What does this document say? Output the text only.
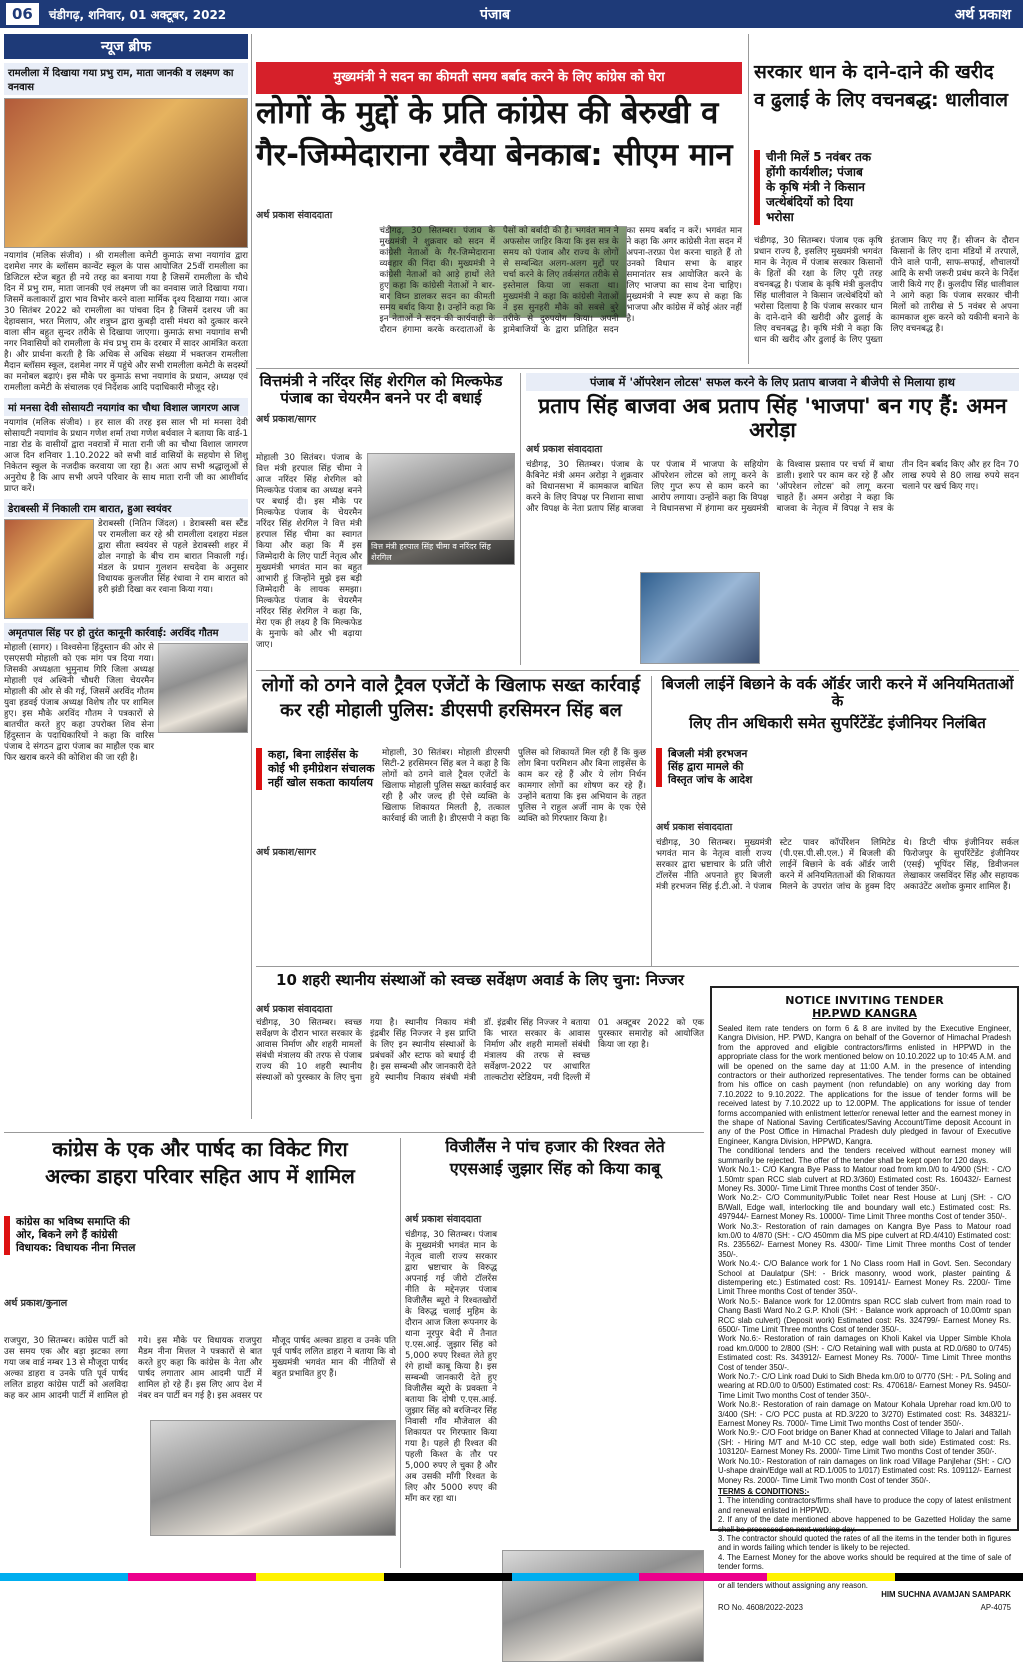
06	चंडीगढ़, शनिवार, 01 अक्टूबर, 2022	पंजाब	अर्थ प्रकाश
न्यूज ब्रीफ
रामलीला में दिखाया गया प्रभु राम, माता जानकी व लक्ष्मण का वनवास
नयागांव (मलिक संजीव) । श्री रामलीला कमेटी कुमाऊं सभा नयागांव द्वारा दशमेश नगर के ब्लॉसम कान्वेंट स्कूल के पास आयोजित 25वीं रामलीला का डिजिटल स्टेज बहुत ही नये तरह का बनाया गया है जिसमें रामलीला के चौथे दिन में प्रभु राम, माता जानकी एवं लक्ष्मण जी का वनवास जाते दिखाया गया। जिसमें कलाकारों द्वारा भाव विभोर करने वाला मार्मिक दृश्य दिखाया गया। आज 30 सितंबर 2022 को रामलीला का पांचवा दिन है जिसमें दशरथ जी का देहावसान, भरत मिलाप, और शत्रुघ्न द्वारा कुबड़ी दासी मंथरा को दुत्कार करने वाला सीन बहुत सुन्दर तरीके से दिखाया जाएगा। कुमाऊं सभा नयागांव सभी नगर निवासियों को रामलीला के मंच प्रभु राम के दरबार में सादर आमंत्रित करता है। और प्रार्थना करती है कि अधिक से अधिक संख्या में भक्तजन रामलीला मैदान ब्लॉसम स्कूल, दशमेश नगर में पहुंचे और सभी रामलीला कमेटी के सदस्यों का मनोबल बढ़ाएं। इस मौके पर कुमाऊं सभा नयागांव के प्रधान, अध्यक्ष एवं रामलीला कमेटी के संचालक एवं निर्देशक आदि पदाधिकारी मौजूद रहे।
मां मनसा देवी सोसायटी नयागांव का चौथा विशाल जागरण आज
नयागांव (मलिक संजीव) । हर साल की तरह इस साल भी मां मनसा देवी सोसायटी नयागांव के प्रधान गणेश शर्मा तथा गणेश बर्थवाल ने बताया कि वार्ड-1 नाडा रोड के वासीयों द्वारा नवरात्रों में माता रानी जी का चौथा विशाल जागरण आज दिन शनिवार 1.10.2022 को सभी वार्ड वासियों के सहयोग से शिशु निकेतन स्कूल के नजदीक करवाया जा रहा है। अतः आप सभी श्रद्धालुओं से अनुरोध है कि आप सभी अपने परिवार के साथ माता रानी जी का आशीर्वाद प्राप्त करें।
डेराबस्सी में निकाली राम बारात, हुआ स्वयंवर
डेराबस्सी (नितिन जिंदल) । डेराबस्सी बस स्टैंड पर रामलीला कर रहे श्री रामलीला दशहरा मंडल द्वारा सीता स्वयंवर से पहले डेराबस्सी शहर में ढोल नगाड़ो के बीच राम बारात निकाली गई। मंडल के प्रधान गुलशन सचदेवा के अनुसार विधायक कुलजीत सिंह रंधावा ने राम बारात को हरी झंडी दिखा कर रवाना किया गया।
अमृतपाल सिंह पर हो तुरंत कानूनी कार्रवाई: अरविंद गौतम
मोहाली (सागर) । विश्वसेना हिंदुस्तान की ओर से एसएसपी मोहाली को एक मांग पत्र दिया गया। जिसकी अध्यक्षता भुमुनाथ गिरि जिला अध्यक्ष मोहाली एवं अश्विनी चौधरी जिला चेयरमैन मोहाली की ओर से की गई, जिसमें अरविंद गौतम युवा हडवई पंजाब अध्यक्ष विशेष तौर पर शामिल हुए। इस मौके अरविंद गौतम ने पत्रकारों से बातचीत करते हुए कहा उपरोक्त शिव सेना हिंदुस्तान के पदाधिकारियों ने कहा कि वारिस पंजाब दे संगठन द्वारा पंजाब का माहौल एक बार फिर खराब करने की कोशिश की जा रही है।
मुख्यमंत्री ने सदन का कीमती समय बर्बाद करने के लिए कांग्रेस को घेरा
लोगों के मुद्दों के प्रति कांग्रेस की बेरुखी व
गैर-जिम्मेदाराना रवैया बेनकाब: सीएम मान
अर्थ प्रकाश संवाददाता
चंडीगढ़, 30 सितम्बर। पंजाब के मुख्यमंत्री ने शुक्रवार को सदन में कांग्रेसी नेताओं के गैर-जिम्मेदाराना व्यवहार की निंदा की। मुख्यमंत्री ने कांग्रेसी नेताओं को आड़े हाथों लेते हुए कहा कि कांग्रेसी नेताओं ने बार-बार विघ्न डालकर सदन का कीमती समय बर्बाद किया है। उन्होंने कहा कि इन नेताओं ने सदन की कार्यवाही के दौरान हंगामा करके करदाताओं के पैसों को बर्बादी की है। भगवंत मान ने अफसोस जाहिर किया कि इस सत्र के समय को पंजाब और राज्य के लोगों से सम्बन्धित अलग-अलग मुद्दों पर चर्चा करने के लिए तर्कसंगत तरीके से इस्तेमाल किया जा सकता था। मुख्यमंत्री ने कहा कि कांग्रेसी नेताओं ने इस सुनहरी मौके को सबसे बुरे तरीके से दुरुपयोग किया। अपनी ड्रामेबाजियों के द्वारा प्रतिहित सदन का समय बर्बाद न करें। भगवंत मान ने कहा कि अगर कांग्रेसी नेता सदन में अपना-तरफ़ा पेश करना चाहते हैं तो उनको विधान सभा के बाहर समानांतर सत्र आयोजित करने के लिए भाजपा का साथ देना चाहिए। मुख्यमंत्री ने स्पष्ट रूप से कहा कि भाजपा और कांग्रेस में कोई अंतर नहीं है।
सरकार धान के दाने-दाने की खरीद
व ढुलाई के लिए वचनबद्ध: धालीवाल
चीनी मिलें 5 नवंबर तक होंगी कार्यशील; पंजाब के कृषि मंत्री ने किसान जत्थेबंदियों को दिया भरोसा
चंडीगढ़, 30 सितम्बर। पंजाब एक कृषि प्रधान राज्य है, इसलिए मुख्यमंत्री भगवंत मान के नेतृत्व में पंजाब सरकार किसानों के हितों की रक्षा के लिए पूरी तरह वचनबद्ध है। पंजाब के कृषि मंत्री कुलदीप सिंह धालीवाल ने किसान जत्थेबंदियों को भरोसा दिलाया है कि पंजाब सरकार धान के दाने-दाने की खरीदी और ढुलाई के लिए वचनबद्ध है। कृषि मंत्री ने कहा कि धान की खरीद और ढुलाई के लिए पुख्ता इंतजाम किए गए हैं। सीजन के दौरान किसानों के लिए दाना मंडियों में तरपालें, पीने वाले पानी, साफ-सफाई, शौचालयों आदि के सभी जरूरी प्रबंध करने के निर्देश जारी किये गए हैं। कुलदीप सिंह धालीवाल ने आगे कहा कि पंजाब सरकार चीनी मिलों को तारीख से 5 नवंबर से अपना कामकाज शुरू करने को यकीनी बनाने के लिए वचनबद्ध है।
वित्तमंत्री ने नरिंदर सिंह शेरगिल को मिल्कफेड पंजाब का चेयरमैन बनने पर दी बधाई
अर्थ प्रकाश/सागर
वित्त मंत्री हरपाल सिंह चीमा व नरिंदर सिंह शेरगिल
मोहाली 30 सितंबर। पंजाब के वित्त मंत्री हरपाल सिंह चीमा ने आज नरिंदर सिंह शेरगिल को मिल्कफेड पंजाब का अध्यक्ष बनने पर बधाई दी। इस मौके पर मिल्कफेड पंजाब के चेयरमैन नरिंदर सिंह शेरगिल ने वित्त मंत्री हरपाल सिंह चीमा का स्वागत किया और कहा कि मैं इस जिम्मेदारी के लिए पार्टी नेतृत्व और मुख्यमंत्री भगवंत मान का बहुत आभारी हूं जिन्होंने मुझे इस बड़ी जिम्मेदारी के लायक समझा। मिल्कफेड पंजाब के चेयरमैन नरिंदर सिंह शेरगिल ने कहा कि, मेरा एक ही लक्ष्य है कि मिल्कफेड के मुनाफे को और भी बढ़ाया जाए।
पंजाब में 'ऑपरेशन लोटस' सफल करने के लिए प्रताप बाजवा ने बीजेपी से मिलाया हाथ
प्रताप सिंह बाजवा अब प्रताप सिंह 'भाजपा' बन गए हैं: अमन अरोड़ा
अर्थ प्रकाश संवाददाता
चंडीगढ़, 30 सितम्बर। पंजाब के कैबिनेट मंत्री अमन अरोड़ा ने शुक्रवार को विधानसभा में कामकाज बाधित करने के लिए विपक्ष पर निशाना साधा और विपक्ष के नेता प्रताप सिंह बाजवा पर पंजाब में भाजपा के सहियोग ऑपरेशन लोटस को लागू करने के लिए गुप्त रूप से काम करने का आरोप लगाया। उन्होंने कहा कि विपक्ष ने विधानसभा में हंगामा कर मुख्यमंत्री के विश्वास प्रस्ताव पर चर्चा में बाधा डाली। इशारे पर काम कर रहे हैं और 'ऑपरेशन लोटस' को लागू करना चाहते हैं। अमन अरोड़ा ने कहा कि बाजवा के नेतृत्व में विपक्ष ने सत्र के तीन दिन बर्बाद किए और हर दिन 70 लाख रुपये से 80 लाख रुपये सदन चलाने पर खर्च किए गए।
लोगों को ठगने वाले ट्रैवल एजेंटों के खिलाफ सख्त कार्रवाई
कर रही मोहाली पुलिस: डीएसपी हरसिमरन सिंह बल
कहा, बिना लाईसेंस के कोई भी इमीग्रेशन संचालक नहीं खोल सकता कार्यालय
अर्थ प्रकाश/सागर
मोहाली, 30 सितंबर। मोहाली डीएसपी सिटी-2 हरसिमरन सिंह बल ने कहा है कि लोगों को ठगने वाले ट्रैवल एजेंटों के खिलाफ मोहाली पुलिस सख्त कार्रवाई कर रही है और जल्द ही ऐसे व्यक्ति के खिलाफ शिकायत मिलती है, तत्काल कार्रवाई की जाती है। डीएसपी ने कहा कि पुलिस को शिकायतें मिल रही हैं कि कुछ लोग बिना परमिशन और बिना लाइसेंस के काम कर रहे हैं और ये लोग निर्धन कामगार लोगों का शोषण कर रहे हैं। उन्होंने बताया कि इस अभियान के तहत पुलिस ने राहुल अर्जी नाम के एक ऐसे व्यक्ति को गिरफ्तार किया है।
बिजली लाईनें बिछाने के वर्क ऑर्डर जारी करने में अनियमितताओं के
लिए तीन अधिकारी समेत सुपरिंटेंडेंट इंजीनियर निलंबित
बिजली मंत्री हरभजन सिंह द्वारा मामले की विस्तृत जांच के आदेश
अर्थ प्रकाश संवाददाता
चंडीगढ़, 30 सितम्बर। मुख्यमंत्री भगवंत मान के नेतृत्व वाली राज्य सरकार द्वारा भ्रष्टाचार के प्रति जीरो टॉलरेंस नीति अपनाते हुए बिजली मंत्री हरभजन सिंह ई.टी.ओ. ने पंजाब स्टेट पावर कॉर्पोरेशन लिमिटेड (पी.एस.पी.सी.एल.) में बिजली की लाईनें बिछाने के वर्क ऑर्डर जारी करने में अनियमितताओं की शिकायत मिलने के उपरांत जांच के हुक्म दिए थे। डिप्टी चीफ इंजीनियर सर्कल फिरोजपुर के सुपरिंटेंडेंट इंजीनियर (एसई) भूपिंदर सिंह, डिवीजनल लेखाकार जसविंदर सिंह और सहायक अकाउंटेंट अशोक कुमार शामिल हैं।
10 शहरी स्थानीय संस्थाओं को स्वच्छ सर्वेक्षण अवार्ड के लिए चुना: निज्जर
अर्थ प्रकाश संवाददाता
चंडीगढ़, 30 सितम्बर। स्वच्छ सर्वेक्षण के दौरान भारत सरकार के आवास निर्माण और शहरी मामलों संबंधी मंत्रालय की तरफ से पंजाब राज्य की 10 शहरी स्थानीय संस्थाओं को पुरस्कार के लिए चुना गया है। स्थानीय निकाय मंत्री इंद्रबीर सिंह निज्जर ने इस प्राप्ति के लिए इन स्थानीय संस्थाओं के प्रबंधकों और स्टाफ को बधाई दी है। इस सम्बन्धी और जानकारी देते हुये स्थानीय निकाय संबंधी मंत्री डॉ. इंद्रबीर सिंह निज्जर ने बताया कि भारत सरकार के आवास निर्माण और शहरी मामलों संबंधी मंत्रालय की तरफ से स्वच्छ सर्वेक्षण-2022 पर आधारित ताल्कटोरा स्टेडियम, नयी दिल्ली में 01 अक्टूबर 2022 को एक पुरस्कार समारोह को आयोजित किया जा रहा है।
NOTICE INVITING TENDER
HP.PWD KANGRA
Sealed item rate tenders on form 6 & 8 are invited by the Executive Engineer, Kangra Division, HP. PWD, Kangra on behalf of the Governor of Himachal Pradesh from the approved and eligible contractors/firms enlisted in HPPWD in the appropriate class for the work mentioned below on 10.10.2022 up to 10:45 A.M. and will be opened on the same day at 11:00 A.M. in the presence of intending contractors or their authorized representatives. The tender forms can be obtained from his office on cash payment (non refundable) on any working day from 7.10.2022 to 9.10.2022. The applications for the issue of tender forms will be received latest by 7.10.2022 up to 12.00PM. The applications for issue of tender forms accompanied with enlistment letter/or renewal letter and the earnest money in the shape of National Saving Certificates/Saving Account/Time deposit Account in any of the Post Office in Himachal Pradesh duly pledged in favour of Executive Engineer, Kangra Division, HPPWD, Kangra.
The conditional tenders and the tenders received without earnest money will summarily be rejected. The offer of the tender shall be kept open for 120 days.
Work No.1:- C/O Kangra Bye Pass to Matour road from km.0/0 to 4/900 (SH: - C/O 1.50mtr span RCC slab culvert at RD.3/360) Estimated cost: Rs. 160432/- Earnest Money Rs. 3000/- Time Limit Three months Cost of tender 350/-.
Work No.2:- C/O Community/Public Toilet near Rest House at Lunj (SH: - C/O B/Wall, Edge wall, interlocking tile and boundary wall etc.) Estimated cost: Rs. 497944/- Earnest Money Rs. 10000/- Time Limit Three months Cost of tender 350/-.
Work No.3:- Restoration of rain damages on Kangra Bye Pass to Matour road km.0/0 to 4/870 (SH: - C/O 450mm dia MS pipe culvert at RD.4/410) Estimated cost: Rs. 235562/- Earnest Money Rs. 4300/- Time Limit Three months Cost of tender 350/-.
Work No.4:- C/O Balance work for 1 No Class room Hall in Govt. Sen. Secondary School at Daulatpur (SH: - Brick masonry, wood work, plaster painting & distempering etc.) Estimated cost: Rs. 109141/- Earnest Money Rs. 2200/- Time Limit Three months Cost of tender 350/-.
Work No.5:- Balance work for 12.00mtrs span RCC slab culvert from main road to Chang Basti Ward No.2 G.P. Kholi (SH: - Balance work approach of 10.00mtr span RCC slab culvert) (Deposit work) Estimated cost: Rs. 324799/- Earnest Money Rs. 6500/- Time Limit Three months Cost of tender 350/-.
Work No.6:- Restoration of rain damages on Kholi Kakel via Upper Simble Khola road km.0/000 to 2/800 (SH: - C/O Retaining wall with pusta at RD.0/680 to 0/745) Estimated cost: Rs. 343912/- Earnest Money Rs. 7000/- Time Limit Three months Cost of tender 350/-.
Work No.7:- C/O Link road Duki to Sidh Bheda km.0/0 to 0/770 (SH: - P/L Soling and wearing at RD.0/0 to 0/500) Estimated cost: Rs. 470618/- Earnest Money Rs. 9450/- Time Limit Two months Cost of tender 350/-.
Work No.8:- Restoration of rain damage on Matour Kohala Uprehar road km.0/0 to 3/400 (SH: - C/O PCC pusta at RD.3/220 to 3/270) Estimated cost: Rs. 348321/- Earnest Money Rs. 7000/- Time Limit Two months Cost of tender 350/-.
Work No.9:- C/O Foot bridge on Baner Khad at connected Village to Jalari and Tallah (SH: - Hiring M/T and M-10 CC step, edge wall both side) Estimated cost: Rs. 103120/- Earnest Money Rs. 2000/- Time Limit Two months Cost of tender 350/-.
Work No.10:- Restoration of rain damages on link road Village Panjlehar (SH: - C/O U-shape drain/Edge wall at RD.1/005 to 1/017) Estimated cost: Rs. 109112/- Earnest Money Rs. 2000/- Time Limit Two month Cost of tender 350/-.
TERMS & CONDITIONS:-
1. The intending contractors/firms shall have to produce the copy of latest enlistment and renewal enlisted in HPPWD.
2. If any of the date mentioned above happened to be Gazetted Holiday the same shall be processed on next working day.
3. The contractor should quoted the rates of all the items in the tender both in figures and in words failing which tender is likely to be rejected.
4. The Earnest Money for the above works should be required at the time of sale of tender forms.
or all tenders without assigning any reason.
HIM SUCHNA AVAMJAN SAMPARK
RO No. 4608/2022-2023	AP-4075
कांग्रेस के एक और पार्षद का विकेट गिरा
अल्का डाहरा परिवार सहित आप में शामिल
कांग्रेस का भविष्य समाप्ति की ओर, बिकने लगे हैं कांग्रेसी विधायक: विधायक नीना मित्तल
अर्थ प्रकाश/कुनाल
राजपुरा, 30 सितम्बर। कांग्रेस पार्टी को उस समय एक और बड़ा झटका लगा गया जब वार्ड नम्बर 13 से मौजूदा पार्षद अल्का डाहरा व उनके पति पूर्व पार्षद ललित डाहरा कांग्रेस पार्टी को अलविदा कह कर आम आदमी पार्टी में शामिल हो गये। इस मौके पर विधायक राजपुरा मैडम नीना मित्तल ने पत्रकारों से बात करते हुए कहा कि कांग्रेस के नेता और पार्षद लगातार आम आदमी पार्टी में शामिल हो रहे हैं। इस लिए आप देश में नंबर वन पार्टी बन गई है। इस अवसर पर मौजूद पार्षद अल्का डाहरा व उनके पति पूर्व पार्षद ललित डाहरा ने बताया कि वो मुख्यमंत्री भगवंत मान की नीतियों से बहुत प्रभावित हुए हैं।
विजीलैंस ने पांच हजार की रिश्वत लेते
एएसआई जुझार सिंह को किया काबू
अर्थ प्रकाश संवाददाता
चंडीगढ़, 30 सितम्बर। पंजाब के मुख्यमंत्री भगवंत मान के नेतृत्व वाली राज्य सरकार द्वारा भ्रष्टाचार के विरुद्ध अपनाई गई जीरो टॉलरेंस नीति के मद्देनज़र पंजाब विजीलैंस ब्यूरो ने रिश्वतखोरों के विरुद्ध चलाई मुहिम के दौरान आज जिला रूपनगर के थाना नूरपुर बेदी में तैनात ए.एस.आई. जुझार सिंह को 5,000 रुपए रिश्वत लेते हुए रंगे हाथों काबू किया है। इस सम्बन्धी जानकारी देते हुए विजीलैंस ब्यूरो के प्रवक्ता ने बताया कि दोषी ए.एस.आई. जुझार सिंह को बरजिन्दर सिंह निवासी गाँव मौजेवाल की शिकायत पर गिरफ्तार किया गया है। पहले ही रिश्वत की पहली किश्त के तौर पर 5,000 रुपए ले चुका है और अब उसकी माँगी रिश्वत के लिए और 5000 रुपए की माँग कर रहा था।
